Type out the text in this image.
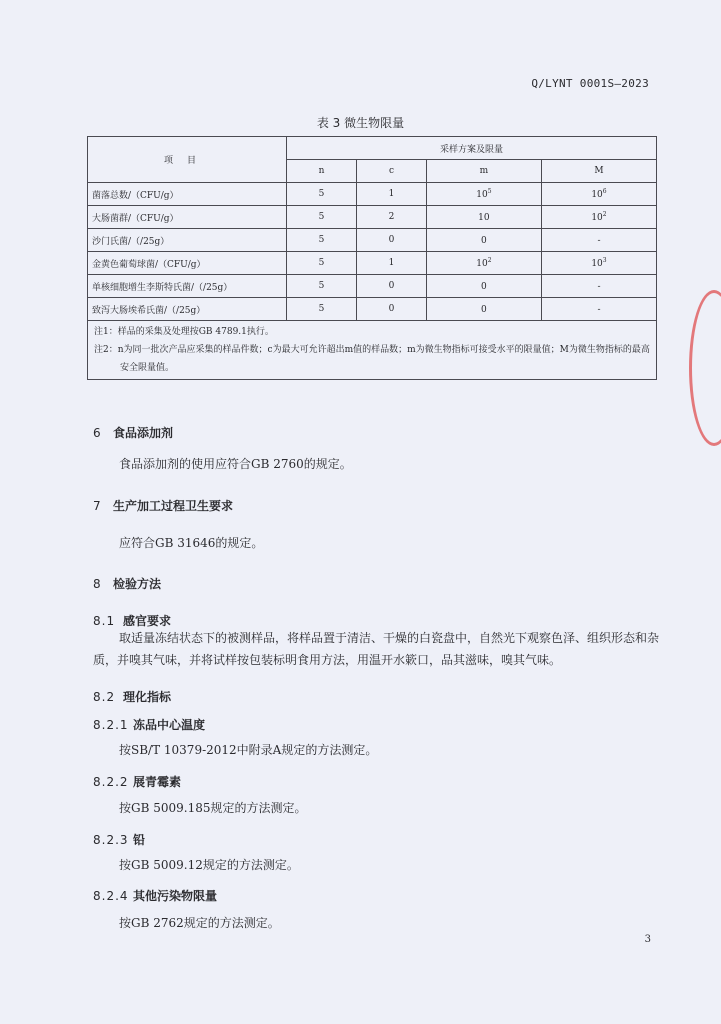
Q/LYNT 0001S—2023
表 3 微生物限量
项目	采样方案及限量			
	n	c	m	M
菌落总数/（CFU/g）	5	1	$10^5$	$10^6$
大肠菌群/（CFU/g）	5	2	10	$10^2$
沙门氏菌/（/25g）	5	0	0	-
金黄色葡萄球菌/（CFU/g）	5	1	$10^2$	$10^3$
单核细胞增生李斯特氏菌/（/25g）	5	0	0	-
致泻大肠埃希氏菌/（/25g）	5	0	0	-
注1：样品的采集及处理按GB 4789.1执行。

注2：n为同一批次产品应采集的样品件数；c为最大可允许超出m值的样品数；m为微生物指标可接受水平的限量值；M为微生物指标的最高安全限量值。				
6 食品添加剂
食品添加剂的使用应符合GB 2760的规定。
7 生产加工过程卫生要求
应符合GB 31646的规定。
8 检验方法
8.1 感官要求
取适量冻结状态下的被测样品，将样品置于清洁、干燥的白瓷盘中，自然光下观察色泽、组织形态和杂质，并嗅其气味，并将试样按包装标明食用方法，用温开水簌口，品其滋味，嗅其气味。
8.2 理化指标
8.2.1 冻品中心温度
按SB/T 10379-2012中附录A规定的方法测定。
8.2.2 展青霉素
按GB 5009.185规定的方法测定。
8.2.3 铅
按GB 5009.12规定的方法测定。
8.2.4 其他污染物限量
按GB 2762规定的方法测定。
3
